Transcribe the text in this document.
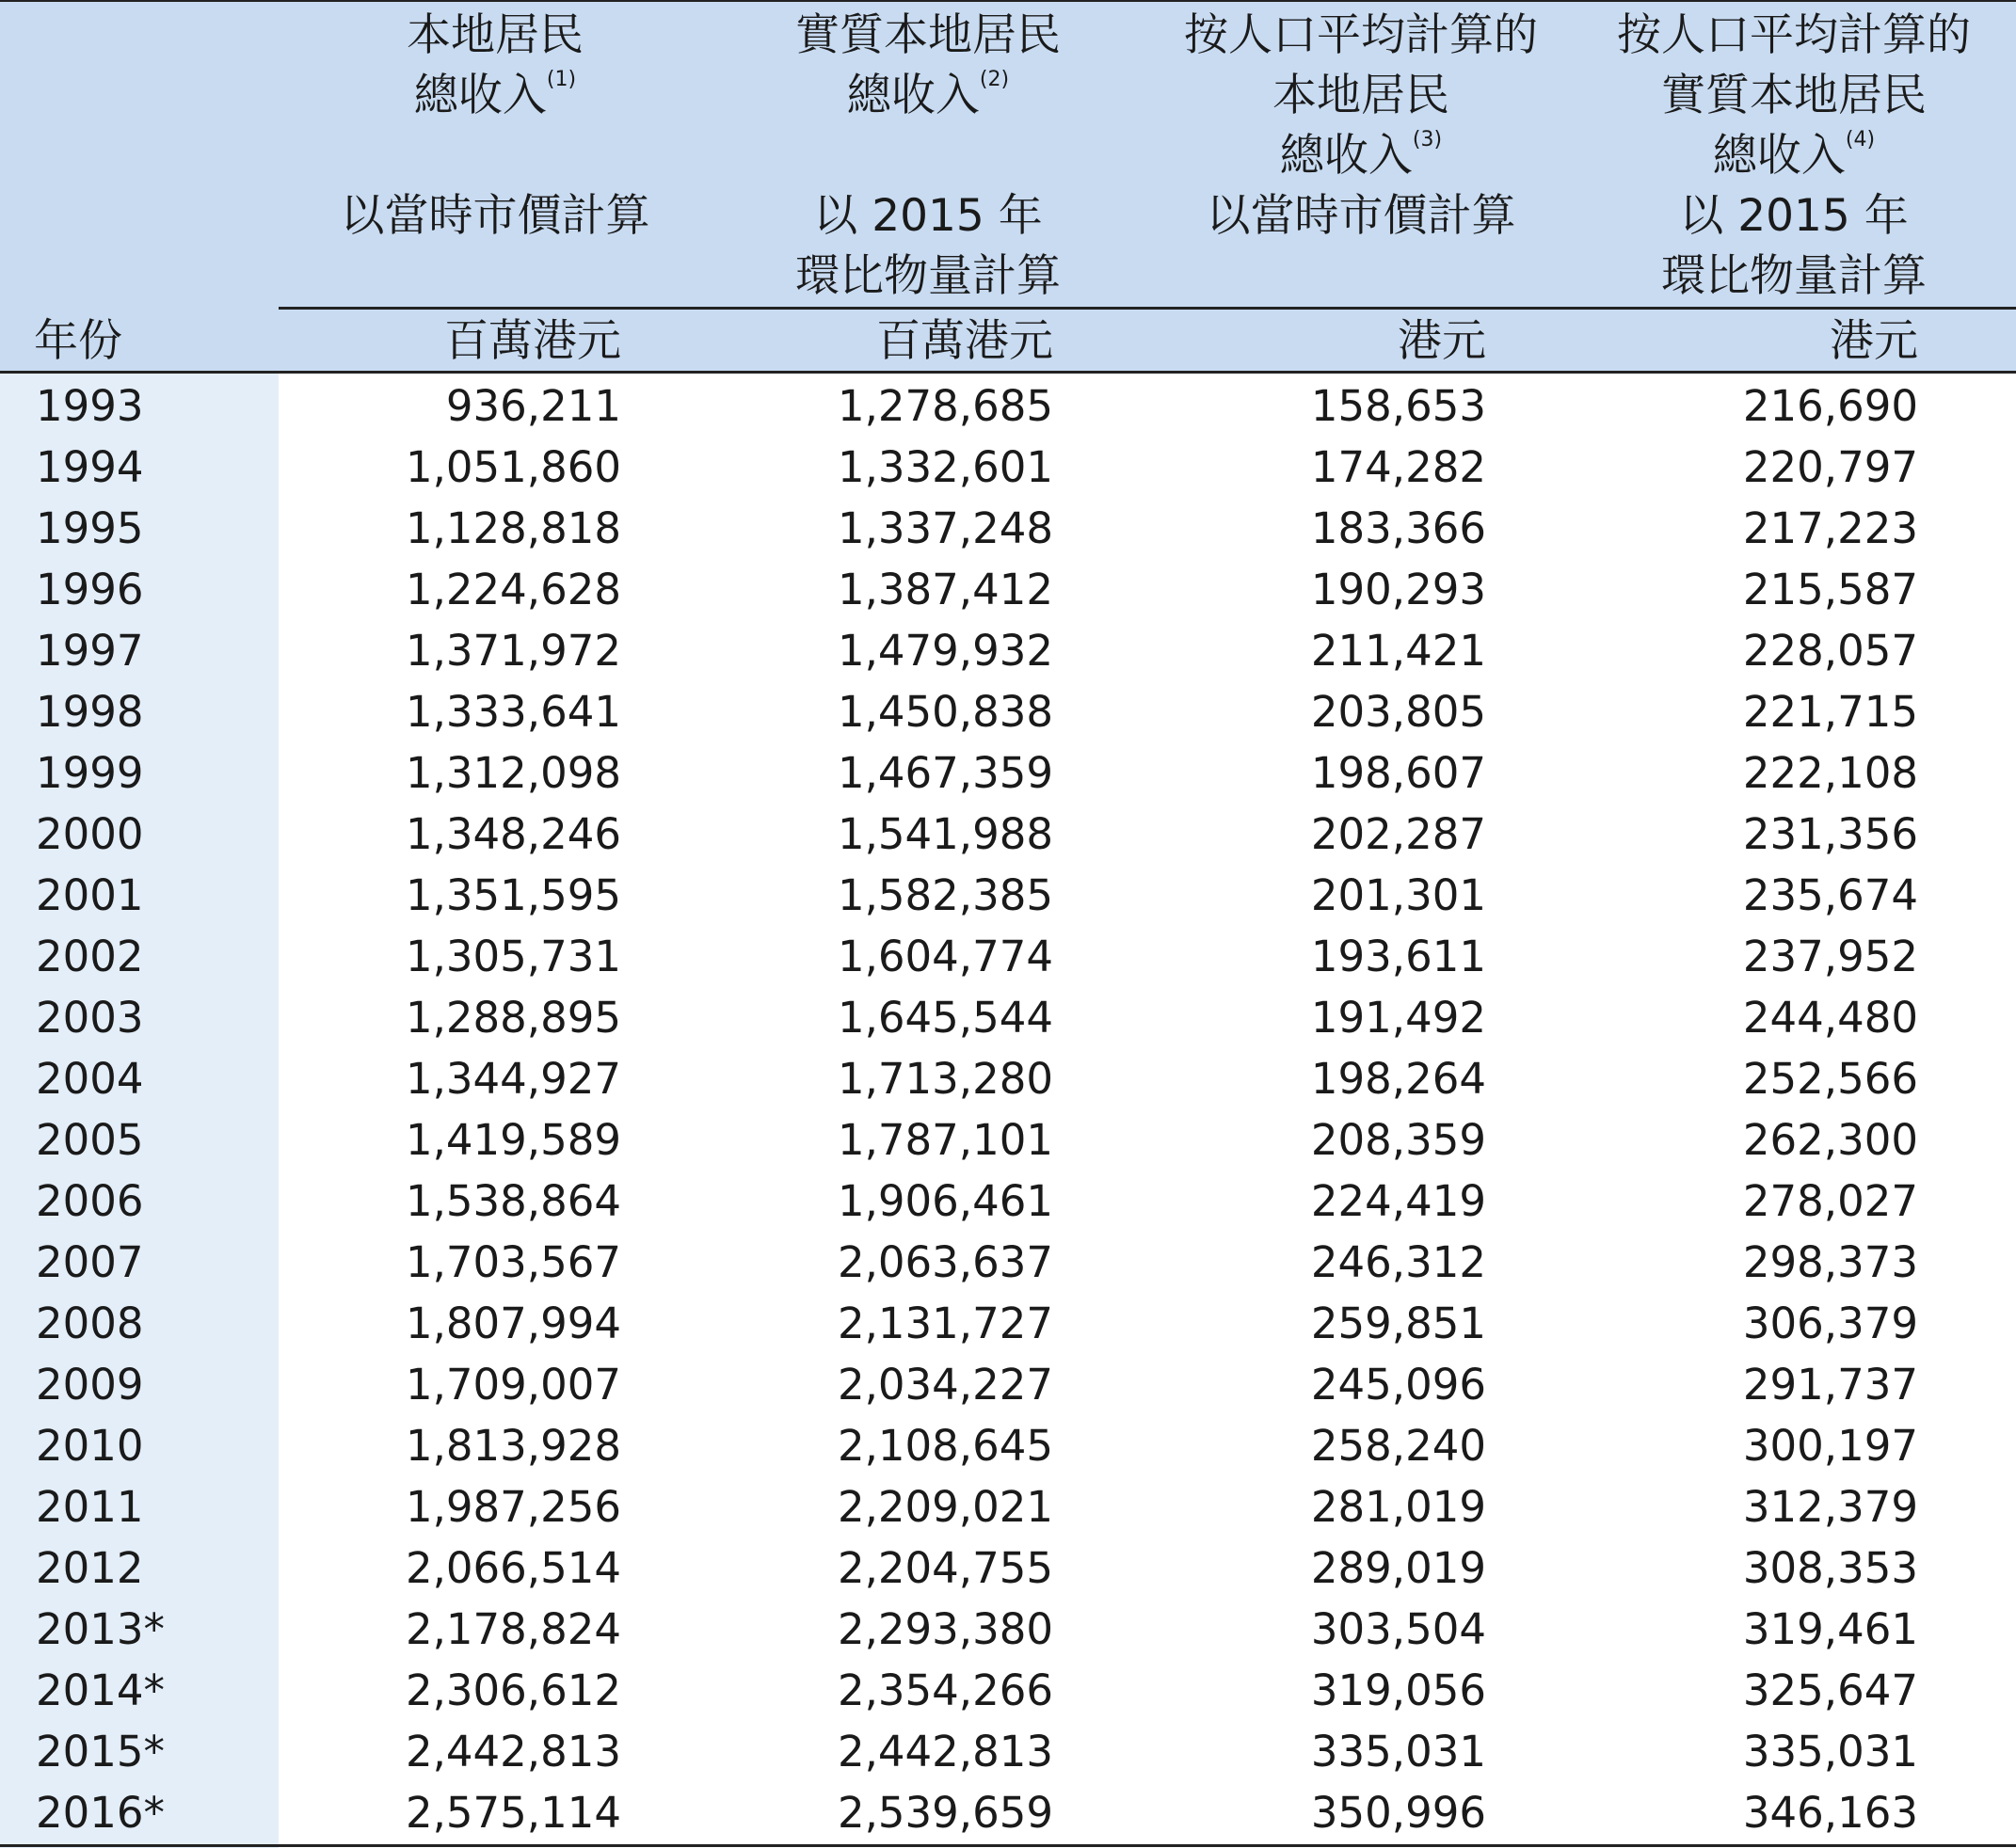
本地居民
總收入$^{(1)}$
以當時市價計算
實質本地居民
總收入$^{(2)}$
以 2015 年
環比物量計算
按人口平均計算的
本地居民
總收入$^{(3)}$
以當時市價計算
按人口平均計算的
實質本地居民
總收入$^{(4)}$
以 2015 年
環比物量計算
年份	百萬港元	百萬港元	港元	港元
1993	936,211	1,278,685	158,653	216,690
1994	1,051,860	1,332,601	174,282	220,797
1995	1,128,818	1,337,248	183,366	217,223
1996	1,224,628	1,387,412	190,293	215,587
1997	1,371,972	1,479,932	211,421	228,057
1998	1,333,641	1,450,838	203,805	221,715
1999	1,312,098	1,467,359	198,607	222,108
2000	1,348,246	1,541,988	202,287	231,356
2001	1,351,595	1,582,385	201,301	235,674
2002	1,305,731	1,604,774	193,611	237,952
2003	1,288,895	1,645,544	191,492	244,480
2004	1,344,927	1,713,280	198,264	252,566
2005	1,419,589	1,787,101	208,359	262,300
2006	1,538,864	1,906,461	224,419	278,027
2007	1,703,567	2,063,637	246,312	298,373
2008	1,807,994	2,131,727	259,851	306,379
2009	1,709,007	2,034,227	245,096	291,737
2010	1,813,928	2,108,645	258,240	300,197
2011	1,987,256	2,209,021	281,019	312,379
2012	2,066,514	2,204,755	289,019	308,353
2013*	2,178,824	2,293,380	303,504	319,461
2014*	2,306,612	2,354,266	319,056	325,647
2015*	2,442,813	2,442,813	335,031	335,031
2016*	2,575,114	2,539,659	350,996	346,163
